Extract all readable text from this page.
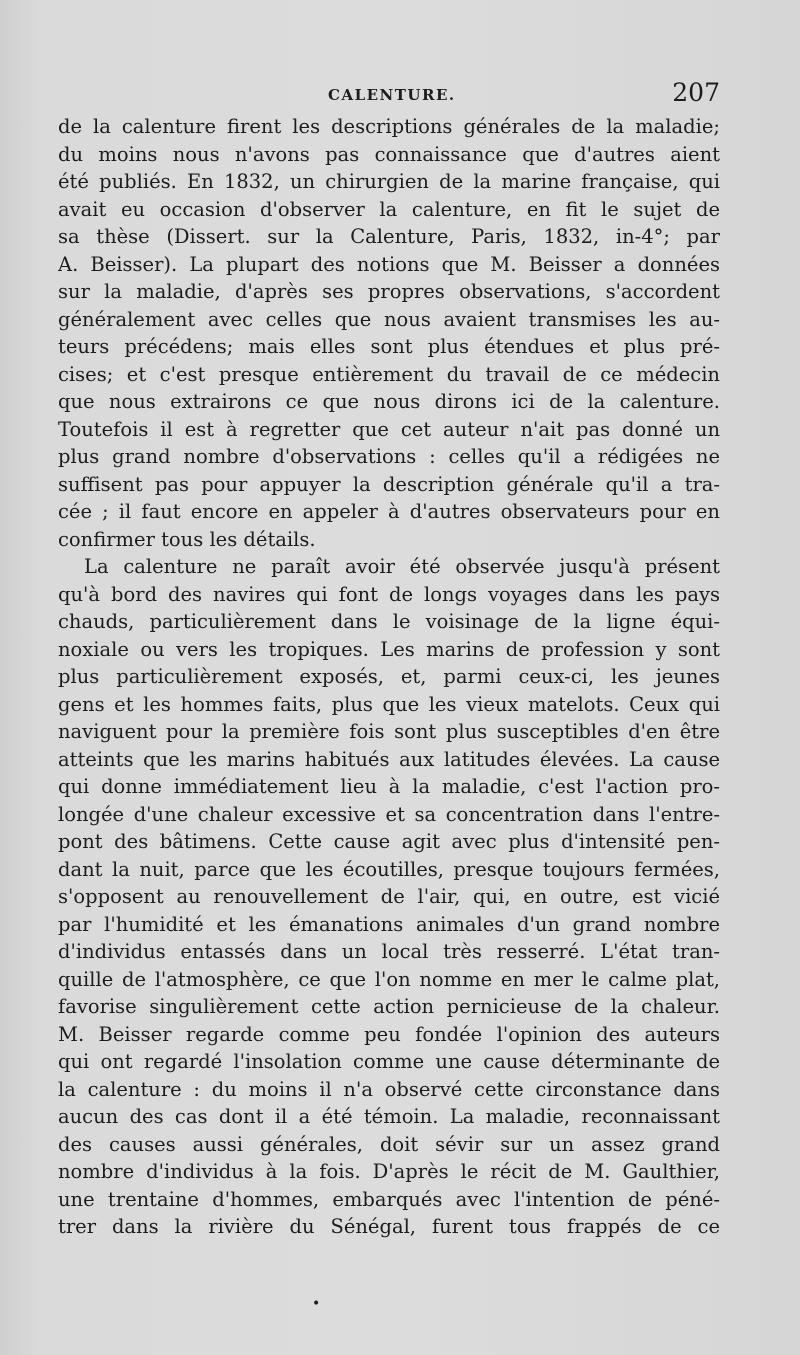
CALENTURE.	207
de la calenture firent les descriptions générales de la maladie;
du moins nous n'avons pas connaissance que d'autres aient
été publiés. En 1832, un chirurgien de la marine française, qui
avait eu occasion d'observer la calenture, en fit le sujet de
sa thèse (Dissert. sur la Calenture, Paris, 1832, in-4°; par
A. Beisser). La plupart des notions que M. Beisser a données
sur la maladie, d'après ses propres observations, s'accordent
généralement avec celles que nous avaient transmises les au-
teurs précédens; mais elles sont plus étendues et plus pré-
cises; et c'est presque entièrement du travail de ce médecin
que nous extrairons ce que nous dirons ici de la calenture.
Toutefois il est à regretter que cet auteur n'ait pas donné un
plus grand nombre d'observations : celles qu'il a rédigées ne
suffisent pas pour appuyer la description générale qu'il a tra-
cée ; il faut encore en appeler à d'autres observateurs pour en
confirmer tous les détails.
La calenture ne paraît avoir été observée jusqu'à présent
qu'à bord des navires qui font de longs voyages dans les pays
chauds, particulièrement dans le voisinage de la ligne équi-
noxiale ou vers les tropiques. Les marins de profession y sont
plus particulièrement exposés, et, parmi ceux-ci, les jeunes
gens et les hommes faits, plus que les vieux matelots. Ceux qui
naviguent pour la première fois sont plus susceptibles d'en être
atteints que les marins habitués aux latitudes élevées. La cause
qui donne immédiatement lieu à la maladie, c'est l'action pro-
longée d'une chaleur excessive et sa concentration dans l'entre-
pont des bâtimens. Cette cause agit avec plus d'intensité pen-
dant la nuit, parce que les écoutilles, presque toujours fermées,
s'opposent au renouvellement de l'air, qui, en outre, est vicié
par l'humidité et les émanations animales d'un grand nombre
d'individus entassés dans un local très resserré. L'état tran-
quille de l'atmosphère, ce que l'on nomme en mer le calme plat,
favorise singulièrement cette action pernicieuse de la chaleur.
M. Beisser regarde comme peu fondée l'opinion des auteurs
qui ont regardé l'insolation comme une cause déterminante de
la calenture : du moins il n'a observé cette circonstance dans
aucun des cas dont il a été témoin. La maladie, reconnaissant
des causes aussi générales, doit sévir sur un assez grand
nombre d'individus à la fois. D'après le récit de M. Gaulthier,
une trentaine d'hommes, embarqués avec l'intention de péné-
trer dans la rivière du Sénégal, furent tous frappés de ce
•
